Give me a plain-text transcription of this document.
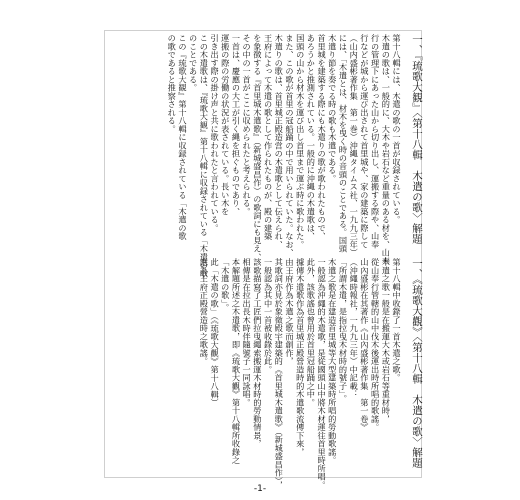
一、『琉歌大観』〈第十八輯　木遣の歌〉解題
第十八輯には、木遣の歌の一首が収録されている。
木遣の歌は、一般的に、大木や岩石など重量のある材を、山奉
行の管理下にあった山から切り出し、運搬する際や、山奉
行などが城から運び出されて首里城や、家の建築に際して
（山内盛彬著作集　第一巻）沖縄タイムス社、一九九三年）
には、「木遣とは、材木を曳く時の音頭のことである。国頭
木遣り節を奏でる時の歌も木遣である。
首里城を建築する際にも木遣りの歌が歌われたもので、
あろうかと推測されている。一般的に沖縄の木遣歌は、
国頭の山から材木を運び出し首里まで運ぶ時に歌われた。
また、この歌が首里の冠船踊の中で用いられていた。なお、
木遣りの歌は、首里城正殿造営の木遣歌として伝えられ、
王府によって木遣の歌として作られたものが、殿の建築
を象徴する『首里城木遣歌』（新城盛昌作）の歌詞にも見え、
その中の一首がここに収められたと考えられる。
一首は、慶應の大工が引く縄を担ぐものであり、
運搬の際の労働の状況が表されている。長い木を
引き出す際の掛け声と共に歌われたと言われている。
この木遣歌は、『琉歌大観』第十八輯に収録されている「木遣の歌
のことである。
この『琉歌大観』第十八輯に収録されている「木遣の歌
の歌であると推察される。
一、《琉歌大觀》〈第十八輯　木遣の歌〉解題
第十八輯中收錄了一首木遣之歌。
木遣之歌一般是在搬運大木或岩石等重材時，
從山奉行管轄的山中伐木後運出時所唱的歌謠。
山內盛彬在其著作《山內盛彬著作集　第一卷》
（沖繩時報社，一九九三年）中記載：
「所謂木遣，是指拉曳木材時的號子」。
木遣之歌是在建造首里城等大型建築時所唱的勞動歌謠。
一般認為沖繩的木遣歌，是從國頭山中將木材運往首里時所唱。
此外，該歌謠也曾用於首里冠船踊之中。
據傳木遣歌作為首里城正殿營造時的木遣歌流傳下來，
由王府作為木遣之歌而創作，
其歌詞亦見於象徵殿宇建築的《首里城木遣歌》（新城盛昌作），
一般認為其中一首被收錄於此。
該歌描寫了工匠們拉曳繩索搬運木材時的勞動情景，
相傳是在拉出長木時伴隨號子一同詠唱。
本解題所述之木遣歌，即《琉歌大觀》第十八輯所收錄之
「木遣の歌」。
此「木遣の歌」（《琉歌大觀》第十八輯）
應為王府正殿營造時之歌謠。
-1-
